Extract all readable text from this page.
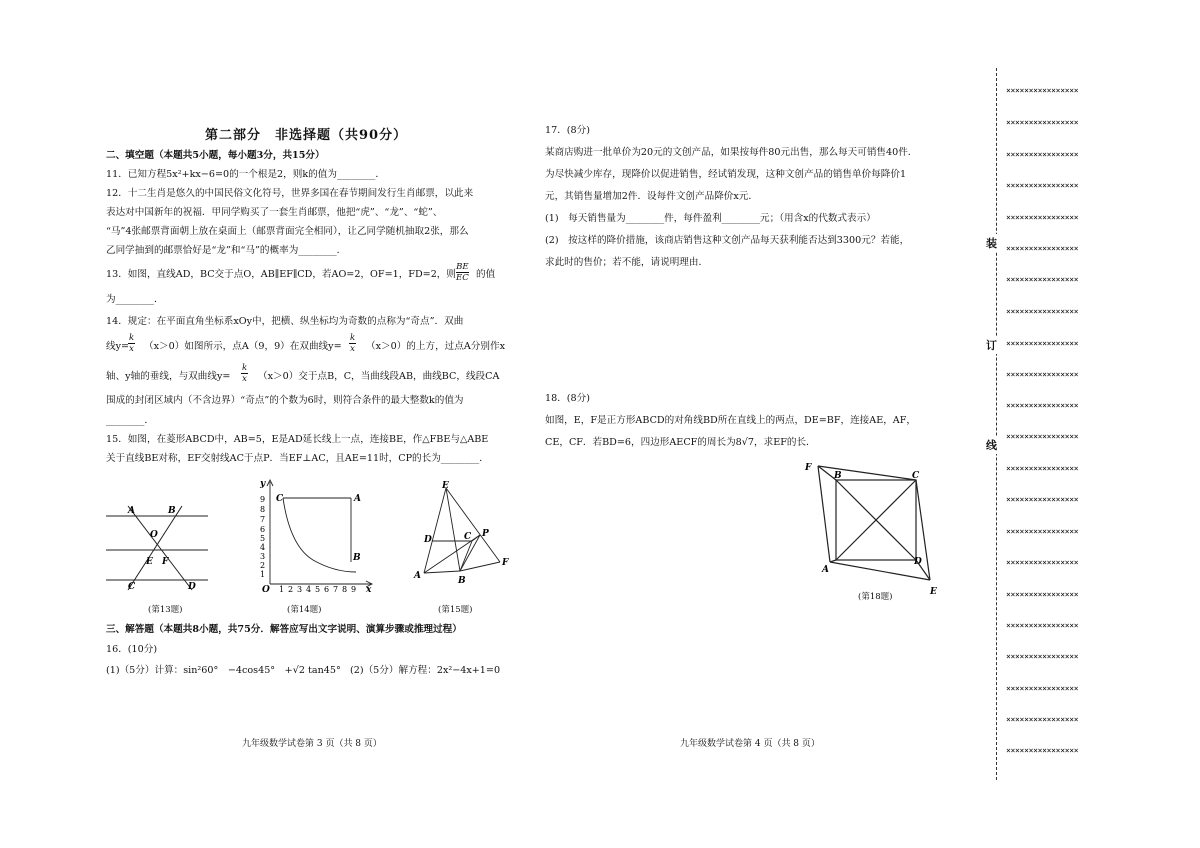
第二部分　非选择题（共90分）
二、填空题（本题共5小题，每小题3分，共15分）
11．已知方程5x²+kx−6=0的一个根是2，则k的值为________．
12．十二生肖是悠久的中国民俗文化符号，世界多国在春节期间发行生肖邮票，以此来
表达对中国新年的祝福．甲同学购买了一套生肖邮票，他把“虎”、“龙”、“蛇”、
“马”4张邮票背面朝上放在桌面上（邮票背面完全相同），让乙同学随机抽取2张，那么
乙同学抽到的邮票恰好是“龙”和“马”的概率为________．
13．如图，直线AD，BC交于点O，AB∥EF∥CD，若AO=2，OF=1，FD=2，则
BE
EC 的值
为________．
14．规定：在平面直角坐标系xOy中，把横、纵坐标均为奇数的点称为“奇点”．双曲
线y=
k
x （x＞0）如图所示，点A（9，9）在双曲线y=
k
x （x＞0）的上方，过点A分别作x
轴、y轴的垂线，与双曲线y=
k
x （x＞0）交于点B，C，当曲线段AB，曲线BC，线段CA
围成的封闭区域内（不含边界）“奇点”的个数为6时，则符合条件的最大整数k的值为
________．
15．如图，在菱形ABCD中，AB=5，E是AD延长线上一点，连接BE，作△FBE与△ABE
关于直线BE对称，EF交射线AC于点P．当EF⊥AC，且AE=11时，CP的长为________．
A	B
O
E F
C	D
(第13题)
9
8
7
6
5
4
3
2
1
1 2 3 4 5 6 7 8 9
y
O	x
C	A
B
(第14题)
E
D	C P
A	B
F
(第15题)
三、解答题（本题共8小题，共75分．解答应写出文字说明、演算步骤或推理过程）
16．(10分)
(1)（5分）计算：sin²60°　−4cos45°　+√2 tan45° (2)（5分）解方程：2x²−4x+1=0
九年级数学试卷第 3 页（共 8 页）
17．(8分)
某商店购进一批单价为20元的文创产品，如果按每件80元出售，那么每天可销售40件．
为尽快减少库存，现降价以促进销售，经试销发现，这种文创产品的销售单价每降价1
元，其销售量增加2件．设每件文创产品降价x元．
(1)　每天销售量为________件，每件盈利________元；（用含x的代数式表示）
(2)　按这样的降价措施，该商店销售这种文创产品每天获利能否达到3300元？若能，
求此时的售价；若不能，请说明理由．
18．(8分)
如图，E，F是正方形ABCD的对角线BD所在直线上的两点，DE=BF，连接AE，AF，
CE，CF．若BD=6，四边形AECF的周长为8√7，求EF的长．
F
B	C
A
D
E
(第18题)
九年级数学试卷第 4 页（共 8 页）
装
订
线
××××××××××××××××
××××××××××××××××
××××××××××××××××
××××××××××××××××
××××××××××××××××
××××××××××××××××
××××××××××××××××
××××××××××××××××
××××××××××××××××
××××××××××××××××
××××××××××××××××
××××××××××××××××
××××××××××××××××
××××××××××××××××
××××××××××××××××
××××××××××××××××
××××××××××××××××
××××××××××××××××
××××××××××××××××
××××××××××××××××
××××××××××××××××
××××××××××××××××
